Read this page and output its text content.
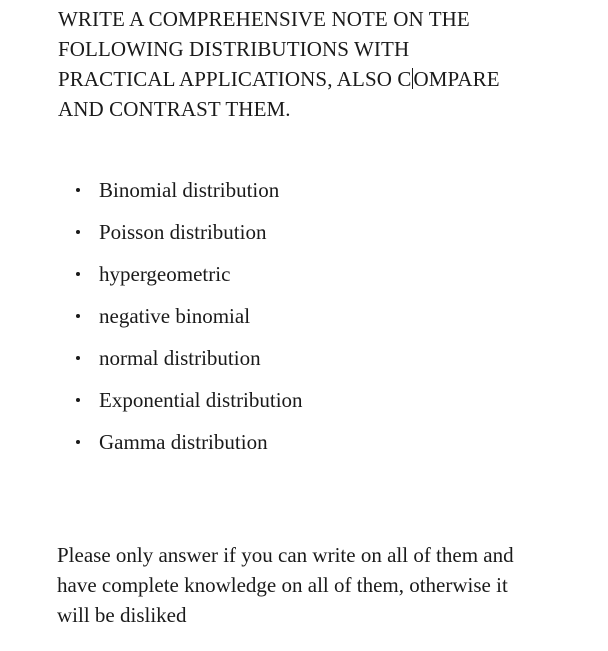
WRITE A COMPREHENSIVE NOTE ON THE
FOLLOWING DISTRIBUTIONS WITH
PRACTICAL APPLICATIONS, ALSO COMPARE
AND CONTRAST THEM.
Binomial distribution
Poisson distribution
hypergeometric
negative binomial
normal distribution
Exponential distribution
Gamma distribution
Please only answer if you can write on all of them and
have complete knowledge on all of them, otherwise it
will be disliked
